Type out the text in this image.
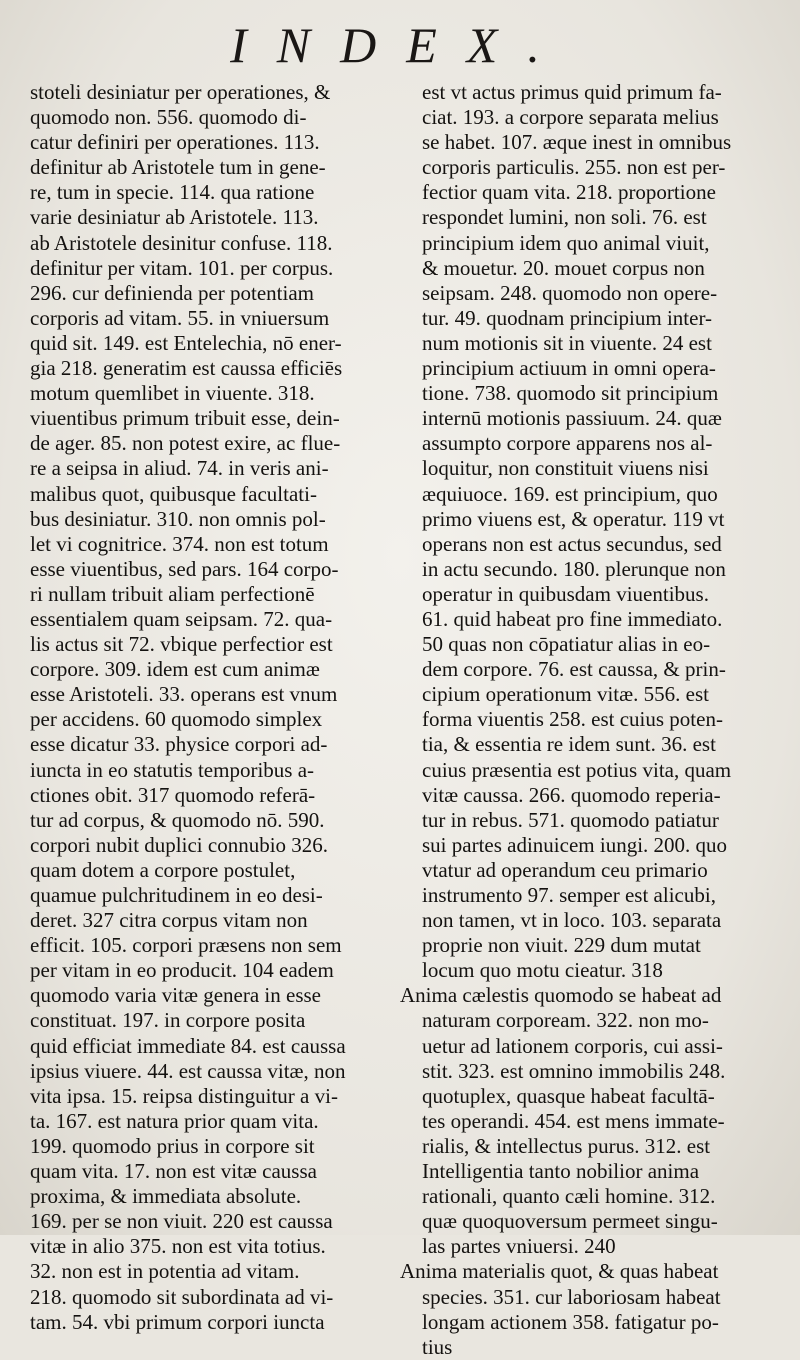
INDEX.
stoteli desiniatur per operationes, &
quomodo non. 556. quomodo di-
catur definiri per operationes. 113.
definitur ab Aristotele tum in gene-
re, tum in specie. 114. qua ratione
varie desiniatur ab Aristotele. 113.
ab Aristotele desinitur confuse. 118.
definitur per vitam. 101. per corpus.
296. cur definienda per potentiam
corporis ad vitam. 55. in vniuersum
quid sit. 149. est Entelechia, nō ener-
gia 218. generatim est caussa efficiēs
motum quemlibet in viuente. 318.
viuentibus primum tribuit esse, dein-
de ager. 85. non potest exire, ac flue-
re a seipsa in aliud. 74. in veris ani-
malibus quot, quibusque facultati-
bus desiniatur. 310. non omnis pol-
let vi cognitrice. 374. non est totum
esse viuentibus, sed pars. 164 corpo-
ri nullam tribuit aliam perfectionē
essentialem quam seipsam. 72. qua-
lis actus sit 72. vbique perfectior est
corpore. 309. idem est cum animæ
esse Aristoteli. 33. operans est vnum
per accidens. 60 quomodo simplex
esse dicatur 33. physice corpori ad-
iuncta in eo statutis temporibus a-
ctiones obit. 317 quomodo referā-
tur ad corpus, & quomodo nō. 590.
corpori nubit duplici connubio 326.
quam dotem a corpore postulet,
quamue pulchritudinem in eo desi-
deret. 327 citra corpus vitam non
efficit. 105. corpori præsens non sem
per vitam in eo producit. 104 eadem
quomodo varia vitæ genera in esse
constituat. 197. in corpore posita
quid efficiat immediate 84. est caussa
ipsius viuere. 44. est caussa vitæ, non
vita ipsa. 15. reipsa distinguitur a vi-
ta. 167. est natura prior quam vita.
199. quomodo prius in corpore sit
quam vita. 17. non est vitæ caussa
proxima, & immediata absolute.
169. per se non viuit. 220 est caussa
vitæ in alio 375. non est vita totius.
32. non est in potentia ad vitam.
218. quomodo sit subordinata ad vi-
tam. 54. vbi primum corpori iuncta
est vt actus primus quid primum fa-
ciat. 193. a corpore separata melius
se habet. 107. æque inest in omnibus
corporis particulis. 255. non est per-
fectior quam vita. 218. proportione
respondet lumini, non soli. 76. est
principium idem quo animal viuit,
& mouetur. 20. mouet corpus non
seipsam. 248. quomodo non opere-
tur. 49. quodnam principium inter-
num motionis sit in viuente. 24 est
principium actiuum in omni opera-
tione. 738. quomodo sit principium
internū motionis passiuum. 24. quæ
assumpto corpore apparens nos al-
loquitur, non constituit viuens nisi
æquiuoce. 169. est principium, quo
primo viuens est, & operatur. 119 vt
operans non est actus secundus, sed
in actu secundo. 180. plerunque non
operatur in quibusdam viuentibus.
61. quid habeat pro fine immediato.
50 quas non cōpatiatur alias in eo-
dem corpore. 76. est caussa, & prin-
cipium operationum vitæ. 556. est
forma viuentis 258. est cuius poten-
tia, & essentia re idem sunt. 36. est
cuius præsentia est potius vita, quam
vitæ caussa. 266. quomodo reperia-
tur in rebus. 571. quomodo patiatur
sui partes adinuicem iungi. 200. quo
vtatur ad operandum ceu primario
instrumento 97. semper est alicubi,
non tamen, vt in loco. 103. separata
proprie non viuit. 229 dum mutat
locum quo motu cieatur. 318
Anima cælestis quomodo se habeat ad
naturam corpoream. 322. non mo-
uetur ad lationem corporis, cui assi-
stit. 323. est omnino immobilis 248.
quotuplex, quasque habeat facultā-
tes operandi. 454. est mens immate-
rialis, & intellectus purus. 312. est
Intelligentia tanto nobilior anima
rationali, quanto cæli homine. 312.
quæ quoquoversum permeet singu-
las partes vniuersi. 240
Anima materialis quot, & quas habeat
species. 351. cur laboriosam habeat
longam actionem 358. fatigatur po-
tius
